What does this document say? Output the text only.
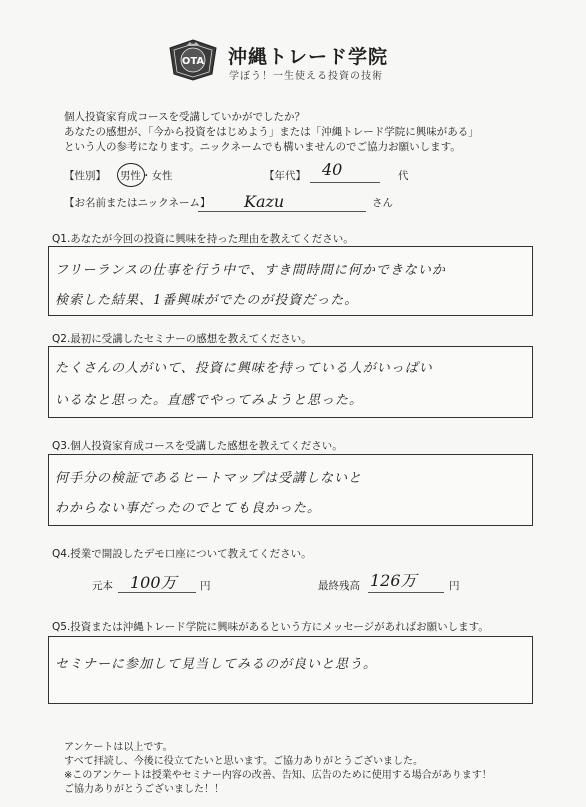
OTA 沖縄トレード学院
学ぼう！一生使える投資の技術
個人投資家育成コースを受講していかがでしたか？
あなたの感想が、「今から投資をはじめよう」または「沖縄トレード学院に興味がある」
という人の参考になります。ニックネームでも構いませんのでご協力お願いします。
【性別】 男性・女性	【年代】 40	代
【お名前またはニックネーム】 Kazu	さん
Q1.あなたが今回の投資に興味を持った理由を教えてください。
フリーランスの仕事を行う中で、すき間時間に何かできないか
検索した結果、1番興味がでたのが投資だった。
Q2.最初に受講したセミナーの感想を教えてください。
たくさんの人がいて、投資に興味を持っている人がいっぱい
いるなと思った。直感でやってみようと思った。
Q3.個人投資家育成コースを受講した感想を教えてください。
何手分の検証であるヒートマップは受講しないと
わからない事だったのでとても良かった。
Q4.授業で開設したデモ口座について教えてください。
元本 100万 円	最終残高 126万	円
Q5.投資または沖縄トレード学院に興味があるという方にメッセージがあればお願いします。
セミナーに参加して見当してみるのが良いと思う。
アンケートは以上です。
すべて拝読し、今後に役立てたいと思います。ご協力ありがとうございました。
※このアンケートは授業やセミナー内容の改善、告知、広告のために使用する場合があります！
ご協力ありがとうございました！！
